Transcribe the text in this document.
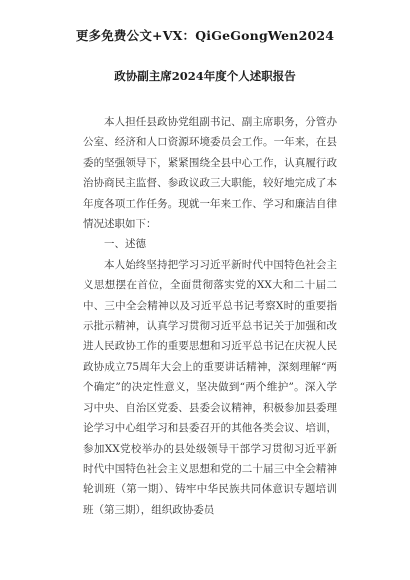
更多免费公文+VX：QiGeGongWen2024
政协副主席2024年度个人述职报告

本人担任县政协党组副书记、副主席职务，分管办公室、经济和人口资源环境委员会工作。一年来，在县委的坚强领导下，紧紧围绕全县中心工作，认真履行政治协商民主监督、参政议政三大职能，较好地完成了本年度各项工作任务。现就一年来工作、学习和廉洁自律情况述职如下：

一、述德

本人始终坚持把学习习近平新时代中国特色社会主义思想摆在首位，全面贯彻落实党的XX大和二十届二中、三中全会精神以及习近平总书记考察X时的重要指示批示精神，认真学习贯彻习近平总书记关于加强和改进人民政协工作的重要思想和习近平总书记在庆祝人民政协成立75周年大会上的重要讲话精神，深刻理解“两个确定”的决定性意义，坚决做到“两个维护”。深入学习中央、自治区党委、县委会议精神，积极参加县委理论学习中心组学习和县委召开的其他各类会议、培训，参加XX党校举办的县处级领导干部学习贯彻习近平新时代中国特色社会主义思想和党的二十届三中全会精神轮训班（第一期）、铸牢中华民族共同体意识专题培训班（第三期），组织政协委员
